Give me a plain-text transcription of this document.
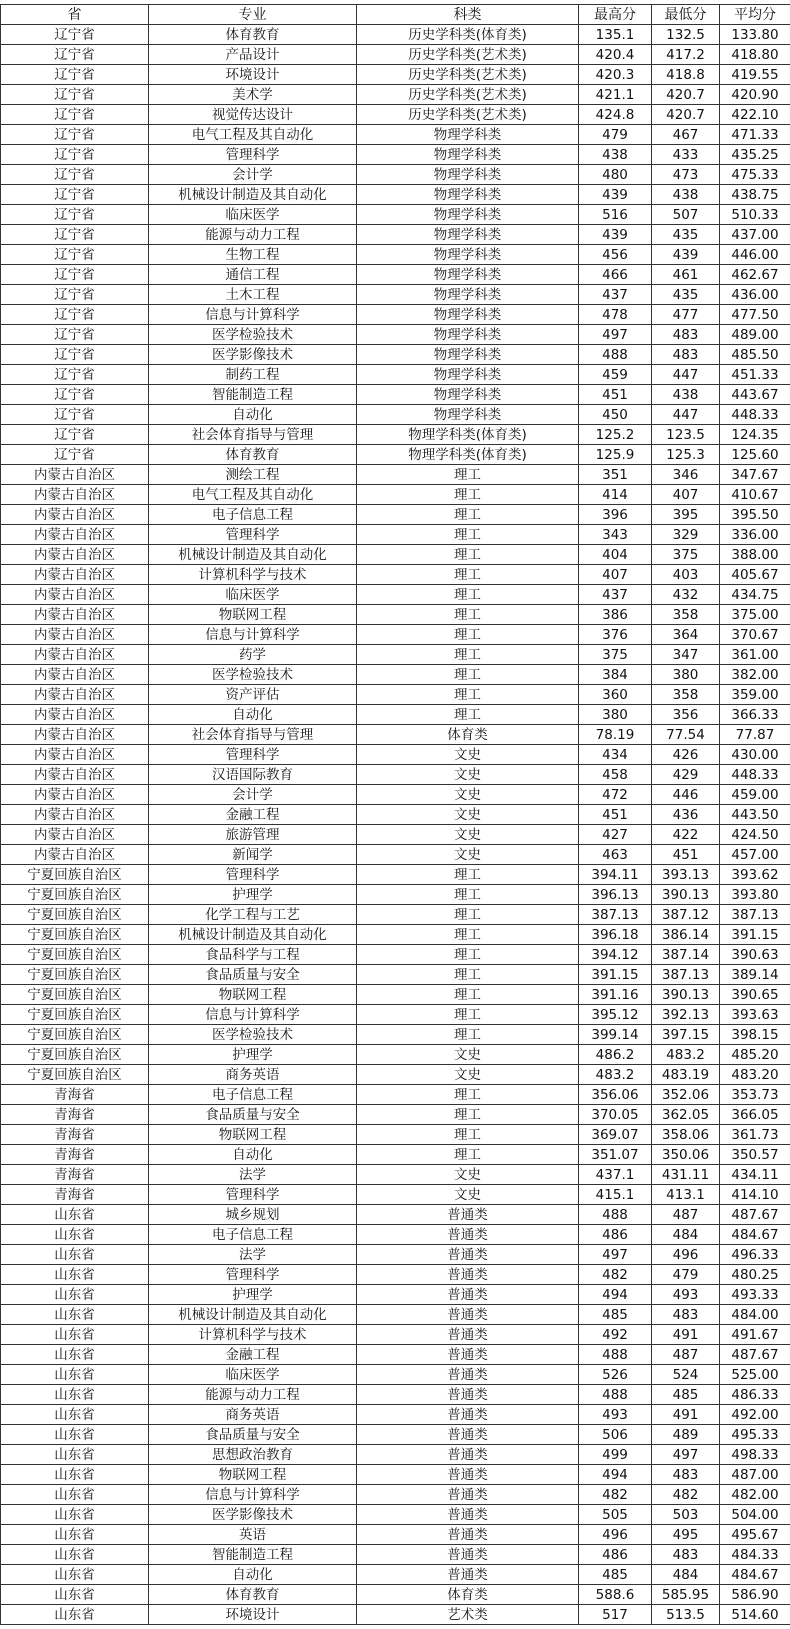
省	专业	科类	最高分	最低分	平均分
辽宁省	体育教育	历史学科类(体育类)	135.1	132.5	133.80
辽宁省	产品设计	历史学科类(艺术类)	420.4	417.2	418.80
辽宁省	环境设计	历史学科类(艺术类)	420.3	418.8	419.55
辽宁省	美术学	历史学科类(艺术类)	421.1	420.7	420.90
辽宁省	视觉传达设计	历史学科类(艺术类)	424.8	420.7	422.10
辽宁省	电气工程及其自动化	物理学科类	479	467	471.33
辽宁省	管理科学	物理学科类	438	433	435.25
辽宁省	会计学	物理学科类	480	473	475.33
辽宁省	机械设计制造及其自动化	物理学科类	439	438	438.75
辽宁省	临床医学	物理学科类	516	507	510.33
辽宁省	能源与动力工程	物理学科类	439	435	437.00
辽宁省	生物工程	物理学科类	456	439	446.00
辽宁省	通信工程	物理学科类	466	461	462.67
辽宁省	土木工程	物理学科类	437	435	436.00
辽宁省	信息与计算科学	物理学科类	478	477	477.50
辽宁省	医学检验技术	物理学科类	497	483	489.00
辽宁省	医学影像技术	物理学科类	488	483	485.50
辽宁省	制药工程	物理学科类	459	447	451.33
辽宁省	智能制造工程	物理学科类	451	438	443.67
辽宁省	自动化	物理学科类	450	447	448.33
辽宁省	社会体育指导与管理	物理学科类(体育类)	125.2	123.5	124.35
辽宁省	体育教育	物理学科类(体育类)	125.9	125.3	125.60
内蒙古自治区	测绘工程	理工	351	346	347.67
内蒙古自治区	电气工程及其自动化	理工	414	407	410.67
内蒙古自治区	电子信息工程	理工	396	395	395.50
内蒙古自治区	管理科学	理工	343	329	336.00
内蒙古自治区	机械设计制造及其自动化	理工	404	375	388.00
内蒙古自治区	计算机科学与技术	理工	407	403	405.67
内蒙古自治区	临床医学	理工	437	432	434.75
内蒙古自治区	物联网工程	理工	386	358	375.00
内蒙古自治区	信息与计算科学	理工	376	364	370.67
内蒙古自治区	药学	理工	375	347	361.00
内蒙古自治区	医学检验技术	理工	384	380	382.00
内蒙古自治区	资产评估	理工	360	358	359.00
内蒙古自治区	自动化	理工	380	356	366.33
内蒙古自治区	社会体育指导与管理	体育类	78.19	77.54	77.87
内蒙古自治区	管理科学	文史	434	426	430.00
内蒙古自治区	汉语国际教育	文史	458	429	448.33
内蒙古自治区	会计学	文史	472	446	459.00
内蒙古自治区	金融工程	文史	451	436	443.50
内蒙古自治区	旅游管理	文史	427	422	424.50
内蒙古自治区	新闻学	文史	463	451	457.00
宁夏回族自治区	管理科学	理工	394.11	393.13	393.62
宁夏回族自治区	护理学	理工	396.13	390.13	393.80
宁夏回族自治区	化学工程与工艺	理工	387.13	387.12	387.13
宁夏回族自治区	机械设计制造及其自动化	理工	396.18	386.14	391.15
宁夏回族自治区	食品科学与工程	理工	394.12	387.14	390.63
宁夏回族自治区	食品质量与安全	理工	391.15	387.13	389.14
宁夏回族自治区	物联网工程	理工	391.16	390.13	390.65
宁夏回族自治区	信息与计算科学	理工	395.12	392.13	393.63
宁夏回族自治区	医学检验技术	理工	399.14	397.15	398.15
宁夏回族自治区	护理学	文史	486.2	483.2	485.20
宁夏回族自治区	商务英语	文史	483.2	483.19	483.20
青海省	电子信息工程	理工	356.06	352.06	353.73
青海省	食品质量与安全	理工	370.05	362.05	366.05
青海省	物联网工程	理工	369.07	358.06	361.73
青海省	自动化	理工	351.07	350.06	350.57
青海省	法学	文史	437.1	431.11	434.11
青海省	管理科学	文史	415.1	413.1	414.10
山东省	城乡规划	普通类	488	487	487.67
山东省	电子信息工程	普通类	486	484	484.67
山东省	法学	普通类	497	496	496.33
山东省	管理科学	普通类	482	479	480.25
山东省	护理学	普通类	494	493	493.33
山东省	机械设计制造及其自动化	普通类	485	483	484.00
山东省	计算机科学与技术	普通类	492	491	491.67
山东省	金融工程	普通类	488	487	487.67
山东省	临床医学	普通类	526	524	525.00
山东省	能源与动力工程	普通类	488	485	486.33
山东省	商务英语	普通类	493	491	492.00
山东省	食品质量与安全	普通类	506	489	495.33
山东省	思想政治教育	普通类	499	497	498.33
山东省	物联网工程	普通类	494	483	487.00
山东省	信息与计算科学	普通类	482	482	482.00
山东省	医学影像技术	普通类	505	503	504.00
山东省	英语	普通类	496	495	495.67
山东省	智能制造工程	普通类	486	483	484.33
山东省	自动化	普通类	485	484	484.67
山东省	体育教育	体育类	588.6	585.95	586.90
山东省	环境设计	艺术类	517	513.5	514.60
